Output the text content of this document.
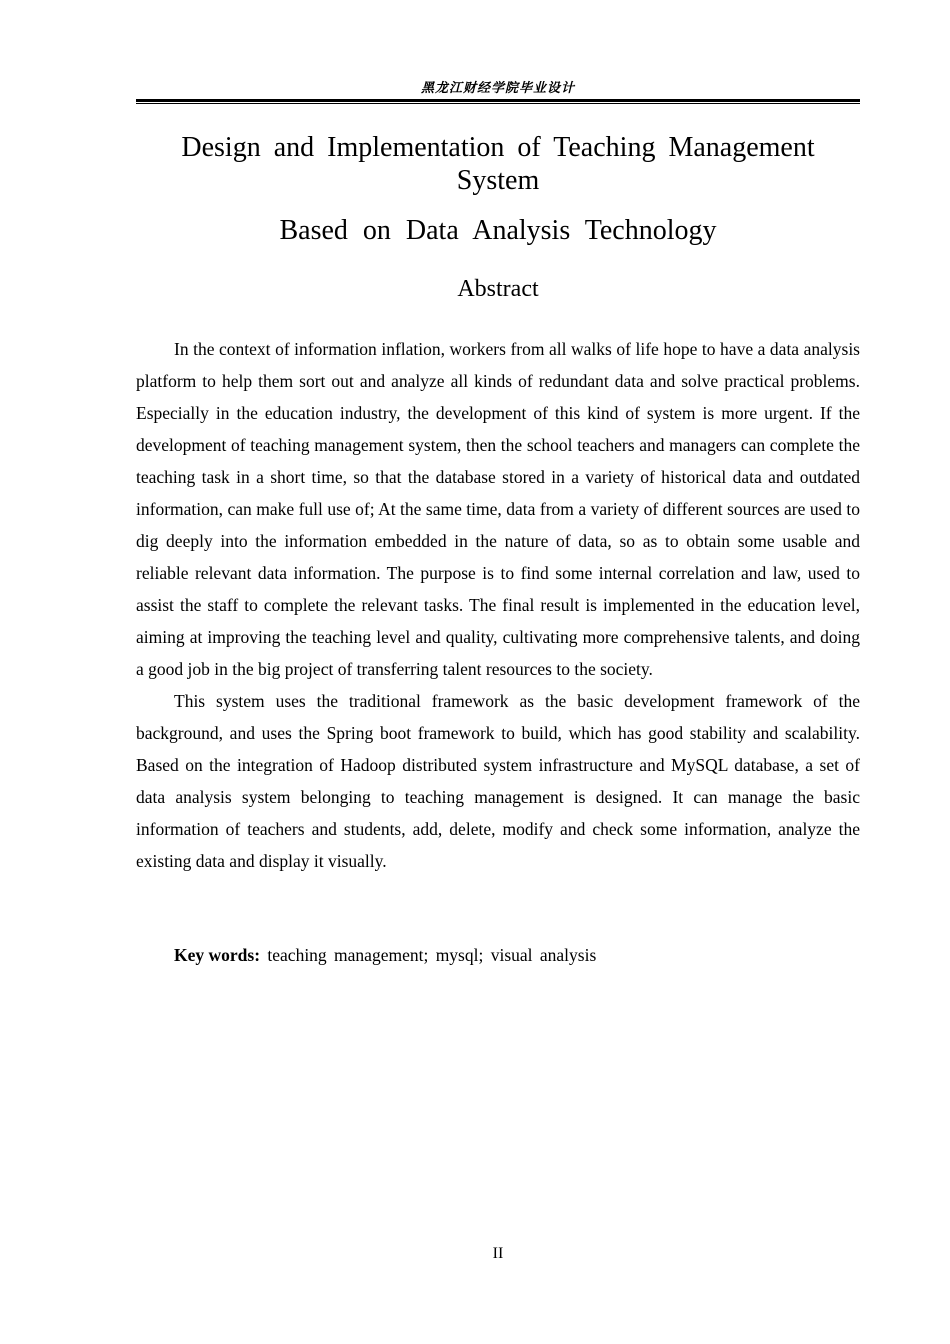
黑龙江财经学院毕业设计
Design and Implementation of Teaching Management System
Based on Data Analysis Technology
Abstract

In the context of information inflation, workers from all walks of life hope to have a data analysis platform to help them sort out and analyze all kinds of redundant data and solve practical problems. Especially in the education industry, the development of this kind of system is more urgent. If the development of teaching management system, then the school teachers and managers can complete the teaching task in a short time, so that the database stored in a variety of historical data and outdated information, can make full use of; At the same time, data from a variety of different sources are used to dig deeply into the information embedded in the nature of data, so as to obtain some usable and reliable relevant data information. The purpose is to find some internal correlation and law, used to assist the staff to complete the relevant tasks. The final result is implemented in the education level, aiming at improving the teaching level and quality, cultivating more comprehensive talents, and doing a good job in the big project of transferring talent resources to the society.

This system uses the traditional framework as the basic development framework of the background, and uses the Spring boot framework to build, which has good stability and scalability. Based on the integration of Hadoop distributed system infrastructure and MySQL database, a set of data analysis system belonging to teaching management is designed. It can manage the basic information of teachers and students, add, delete, modify and check some information, analyze the existing data and display it visually.

Key words: teaching management; mysql; visual analysis
II
